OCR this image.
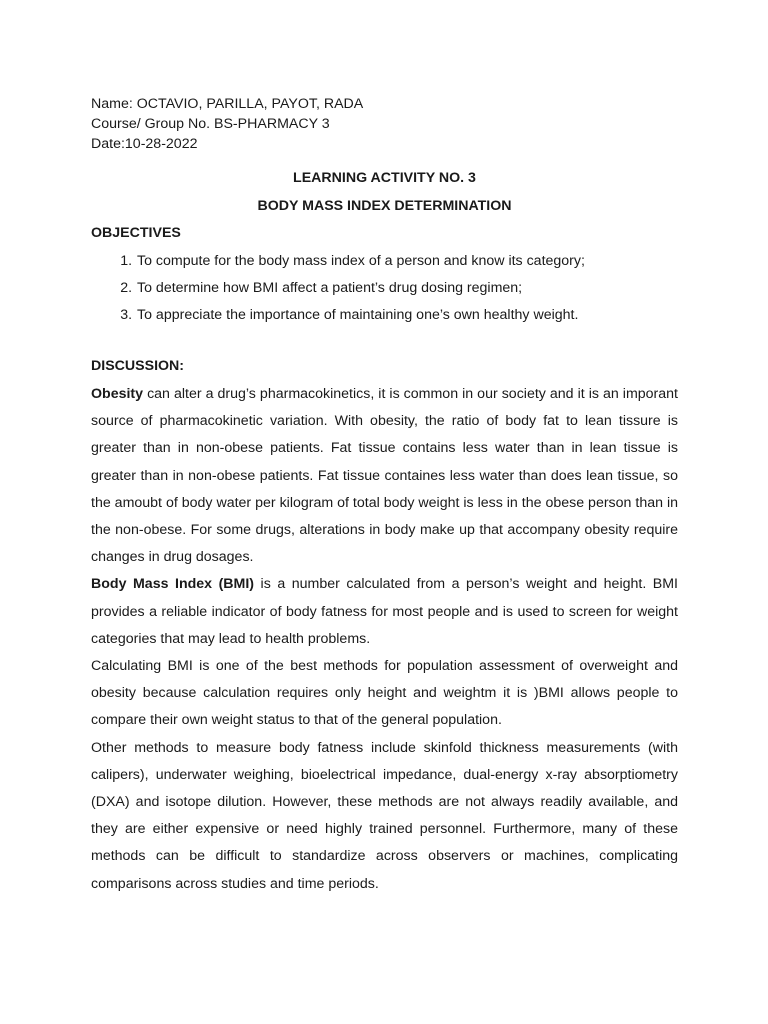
Name: OCTAVIO, PARILLA, PAYOT, RADA
Course/ Group No. BS-PHARMACY 3
Date:10-28-2022
LEARNING ACTIVITY NO. 3
BODY MASS INDEX DETERMINATION
OBJECTIVES
1. To compute for the body mass index of a person and know its category;
2. To determine how BMI affect a patient’s drug dosing regimen;
3. To appreciate the importance of maintaining one’s own healthy weight.
DISCUSSION:

Obesity can alter a drug’s pharmacokinetics, it is common in our society and it is an imporant source of pharmacokinetic variation. With obesity, the ratio of body fat to lean tissure is greater than in non-obese patients. Fat tissue contains less water than in lean tissue is greater than in non-obese patients. Fat tissue containes less water than does lean tissue, so the amoubt of body water per kilogram of total body weight is less in the obese person than in the non-obese. For some drugs, alterations in body make up that accompany obesity require changes in drug dosages.

Body Mass Index (BMI) is a number calculated from a person’s weight and height. BMI provides a reliable indicator of body fatness for most people and is used to screen for weight categories that may lead to health problems.

Calculating BMI is one of the best methods for population assessment of overweight and obesity because calculation requires only height and weightm it is )BMI allows people to compare their own weight status to that of the general population.

Other methods to measure body fatness include skinfold thickness measurements (with calipers), underwater weighing, bioelectrical impedance, dual-energy x-ray absorptiometry (DXA) and isotope dilution. However, these methods are not always readily available, and they are either expensive or need highly trained personnel. Furthermore, many of these methods can be difficult to standardize across observers or machines, complicating comparisons across studies and time periods.
